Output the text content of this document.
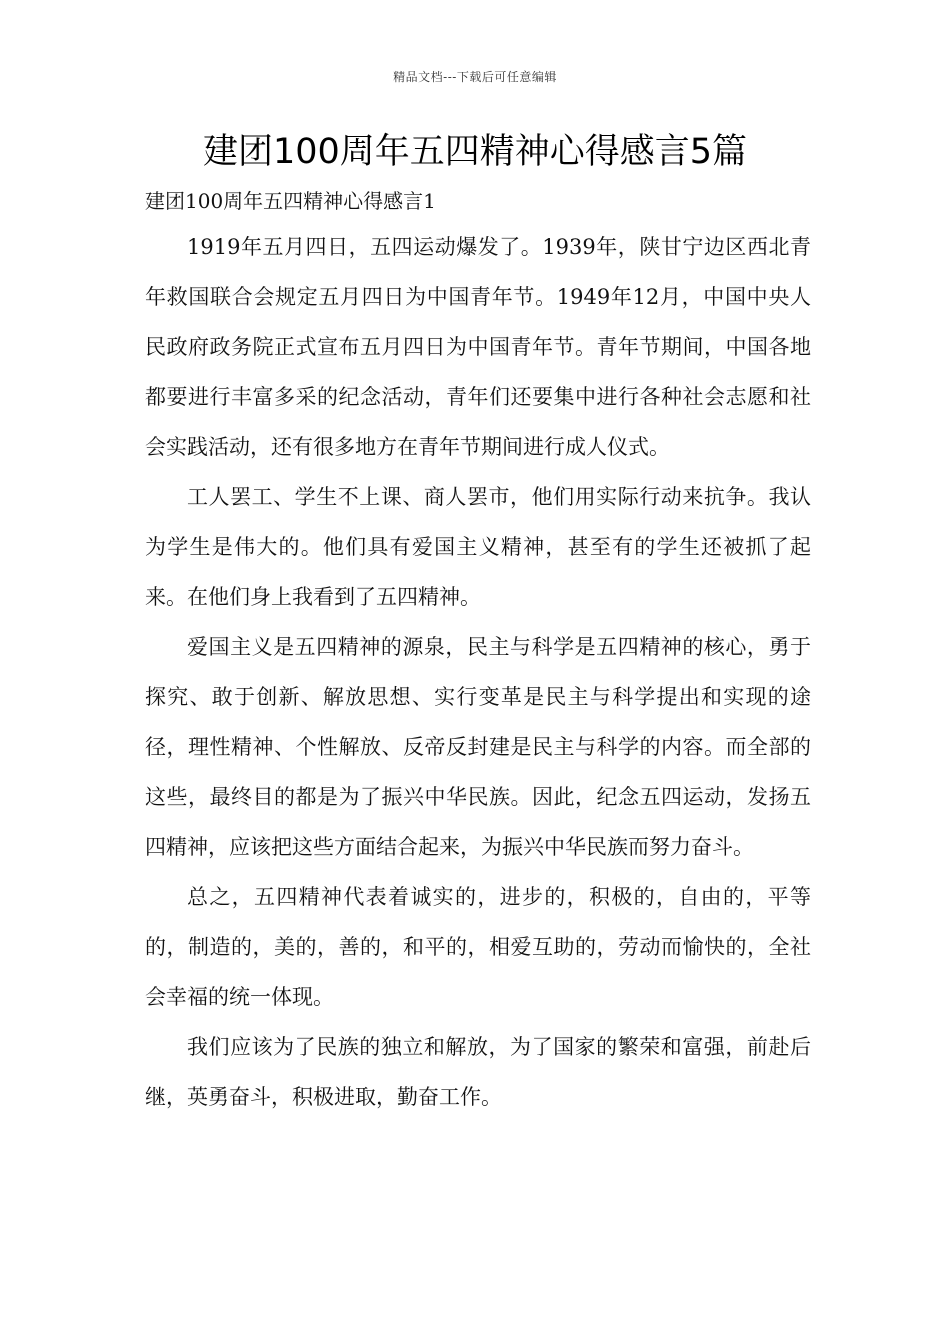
精品文档---下载后可任意编辑
建团100周年五四精神心得感言5篇

建团100周年五四精神心得感言1

1919年五月四日，五四运动爆发了。1939年，陕甘宁边区西北青年救国联合会规定五月四日为中国青年节。1949年12月，中国中央人民政府政务院正式宣布五月四日为中国青年节。青年节期间，中国各地都要进行丰富多采的纪念活动，青年们还要集中进行各种社会志愿和社会实践活动，还有很多地方在青年节期间进行成人仪式。

工人罢工、学生不上课、商人罢市，他们用实际行动来抗争。我认为学生是伟大的。他们具有爱国主义精神，甚至有的学生还被抓了起来。在他们身上我看到了五四精神。

爱国主义是五四精神的源泉，民主与科学是五四精神的核心，勇于探究、敢于创新、解放思想、实行变革是民主与科学提出和实现的途径，理性精神、个性解放、反帝反封建是民主与科学的内容。而全部的这些，最终目的都是为了振兴中华民族。因此，纪念五四运动，发扬五四精神，应该把这些方面结合起来，为振兴中华民族而努力奋斗。

总之，五四精神代表着诚实的，进步的，积极的，自由的，平等的，制造的，美的，善的，和平的，相爱互助的，劳动而愉快的，全社会幸福的统一体现。

我们应该为了民族的独立和解放，为了国家的繁荣和富强，前赴后继，英勇奋斗，积极进取，勤奋工作。
